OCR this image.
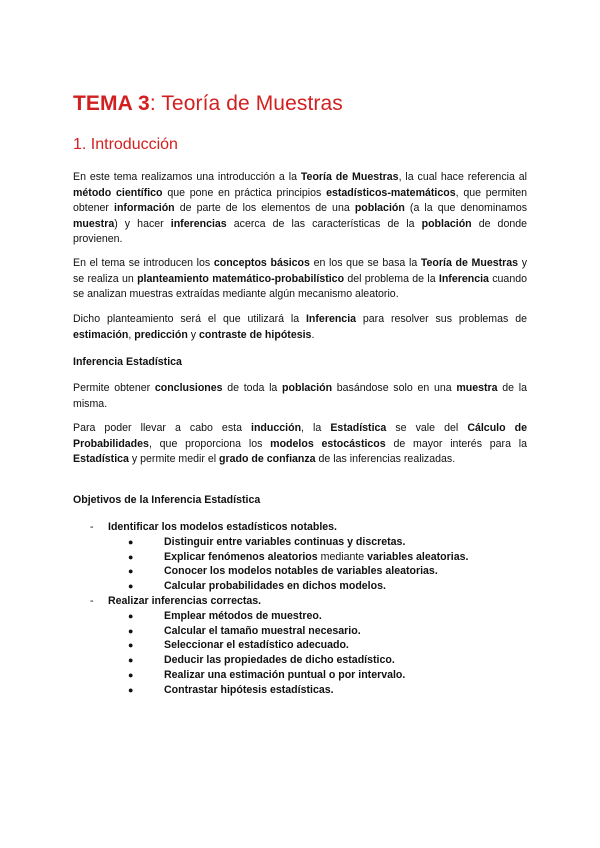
TEMA 3: Teoría de Muestras
1. Introducción

En este tema realizamos una introducción a la Teoría de Muestras, la cual hace referencia al método científico que pone en práctica principios estadísticos-matemáticos, que permiten obtener información de parte de los elementos de una población (a la que denominamos muestra) y hacer inferencias acerca de las características de la población de donde provienen.

En el tema se introducen los conceptos básicos en los que se basa la Teoría de Muestras y se realiza un planteamiento matemático-probabilístico del problema de la Inferencia cuando se analizan muestras extraídas mediante algún mecanismo aleatorio.

Dicho planteamiento será el que utilizará la Inferencia para resolver sus problemas de estimación, predicción y contraste de hipótesis.

Inferencia Estadística

Permite obtener conclusiones de toda la población basándose solo en una muestra de la misma.

Para poder llevar a cabo esta inducción, la Estadística se vale del Cálculo de Probabilidades, que proporciona los modelos estocásticos de mayor interés para la Estadística y permite medir el grado de confianza de las inferencias realizadas.

Objetivos de la Inferencia Estadística

- Identificar los modelos estadísticos notables.
●	Distinguir entre variables continuas y discretas.
●	Explicar fenómenos aleatorios mediante variables aleatorias.
●	Conocer los modelos notables de variables aleatorias.
●	Calcular probabilidades en dichos modelos.
- Realizar inferencias correctas.
●	Emplear métodos de muestreo.
●	Calcular el tamaño muestral necesario.
●	Seleccionar el estadístico adecuado.
●	Deducir las propiedades de dicho estadístico.
●	Realizar una estimación puntual o por intervalo.
●	Contrastar hipótesis estadísticas.
